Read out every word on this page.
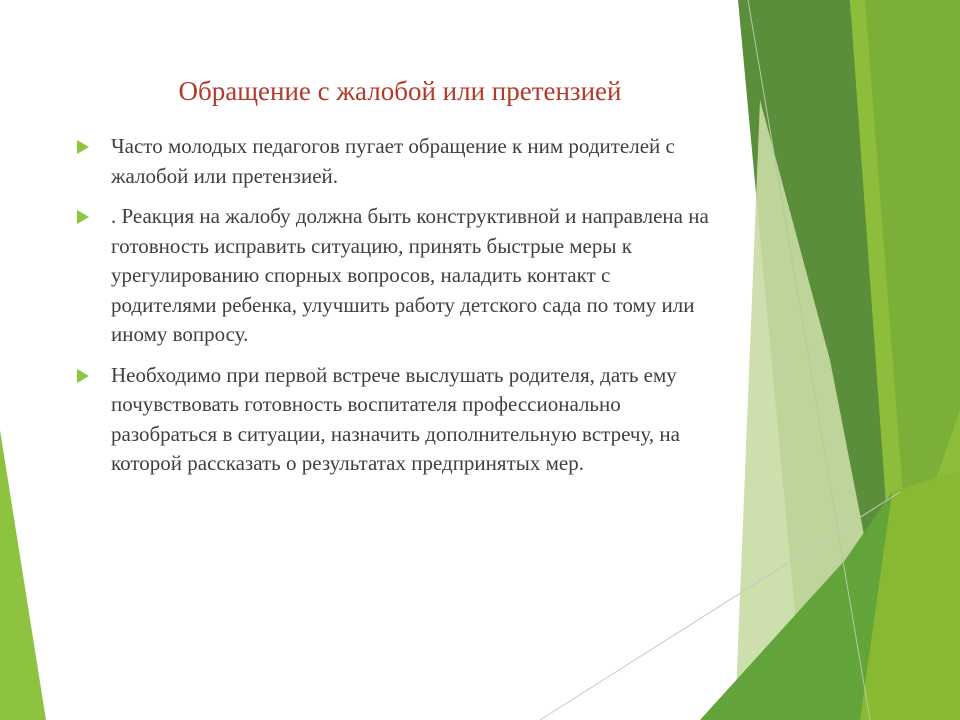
Обращение с жалобой или претензией
Часто молодых педагогов пугает обращение к ним родителей с жалобой или претензией.
. Реакция на жалобу должна быть конструктивной и направлена на готовность исправить ситуацию, принять быстрые меры к урегулированию спорных вопросов, наладить контакт с родителями ребенка, улучшить работу детского сада по тому или иному вопросу.
Необходимо при первой встрече выслушать родителя, дать ему почувствовать готовность воспитателя профессионально разобраться в ситуации, назначить дополнительную встречу, на которой рассказать о результатах предпринятых мер.
